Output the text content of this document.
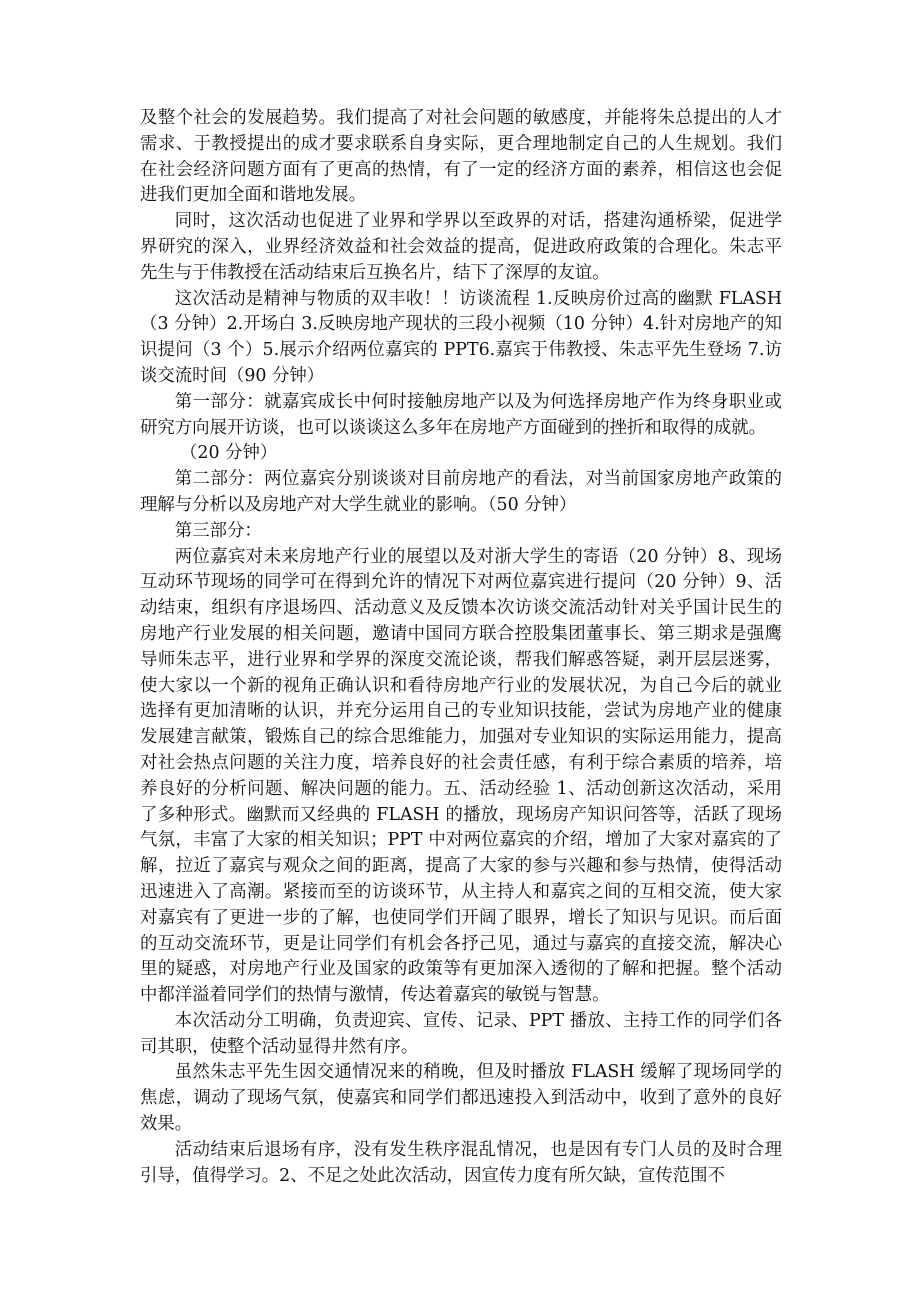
及整个社会的发展趋势。我们提高了对社会问题的敏感度，并能将朱总提出的人才需求、于教授提出的成才要求联系自身实际，更合理地制定自己的人生规划。我们在社会经济问题方面有了更高的热情，有了一定的经济方面的素养，相信这也会促进我们更加全面和谐地发展。

同时，这次活动也促进了业界和学界以至政界的对话，搭建沟通桥梁，促进学界研究的深入，业界经济效益和社会效益的提高，促进政府政策的合理化。朱志平先生与于伟教授在活动结束后互换名片，结下了深厚的友谊。

这次活动是精神与物质的双丰收！！访谈流程 1.反映房价过高的幽默 FLASH（3 分钟）2.开场白 3.反映房地产现状的三段小视频（10 分钟）4.针对房地产的知识提问（3 个）5.展示介绍两位嘉宾的 PPT6.嘉宾于伟教授、朱志平先生登场 7.访谈交流时间（90 分钟）

第一部分：就嘉宾成长中何时接触房地产以及为何选择房地产作为终身职业或研究方向展开访谈，也可以谈谈这么多年在房地产方面碰到的挫折和取得的成就。

（20 分钟）

第二部分：两位嘉宾分别谈谈对目前房地产的看法，对当前国家房地产政策的理解与分析以及房地产对大学生就业的影响。（50 分钟）

第三部分：

两位嘉宾对未来房地产行业的展望以及对浙大学生的寄语（20 分钟）8、现场互动环节现场的同学可在得到允许的情况下对两位嘉宾进行提问（20 分钟）9、活动结束，组织有序退场四、活动意义及反馈本次访谈交流活动针对关乎国计民生的房地产行业发展的相关问题，邀请中国同方联合控股集团董事长、第三期求是强鹰导师朱志平，进行业界和学界的深度交流论谈，帮我们解惑答疑，剥开层层迷雾，使大家以一个新的视角正确认识和看待房地产行业的发展状况，为自己今后的就业选择有更加清晰的认识，并充分运用自己的专业知识技能，尝试为房地产业的健康发展建言献策，锻炼自己的综合思维能力，加强对专业知识的实际运用能力，提高对社会热点问题的关注力度，培养良好的社会责任感，有利于综合素质的培养，培养良好的分析问题、解决问题的能力。五、活动经验 1、活动创新这次活动，采用了多种形式。幽默而又经典的 FLASH 的播放，现场房产知识问答等，活跃了现场气氛，丰富了大家的相关知识；PPT 中对两位嘉宾的介绍，增加了大家对嘉宾的了解，拉近了嘉宾与观众之间的距离，提高了大家的参与兴趣和参与热情，使得活动迅速进入了高潮。紧接而至的访谈环节，从主持人和嘉宾之间的互相交流，使大家对嘉宾有了更进一步的了解，也使同学们开阔了眼界，增长了知识与见识。而后面的互动交流环节，更是让同学们有机会各抒己见，通过与嘉宾的直接交流，解决心里的疑惑，对房地产行业及国家的政策等有更加深入透彻的了解和把握。整个活动中都洋溢着同学们的热情与激情，传达着嘉宾的敏锐与智慧。

本次活动分工明确，负责迎宾、宣传、记录、PPT 播放、主持工作的同学们各司其职，使整个活动显得井然有序。

虽然朱志平先生因交通情况来的稍晚，但及时播放 FLASH 缓解了现场同学的焦虑，调动了现场气氛，使嘉宾和同学们都迅速投入到活动中，收到了意外的良好效果。

活动结束后退场有序，没有发生秩序混乱情况，也是因有专门人员的及时合理引导，值得学习。2、不足之处此次活动，因宣传力度有所欠缺，宣传范围不
